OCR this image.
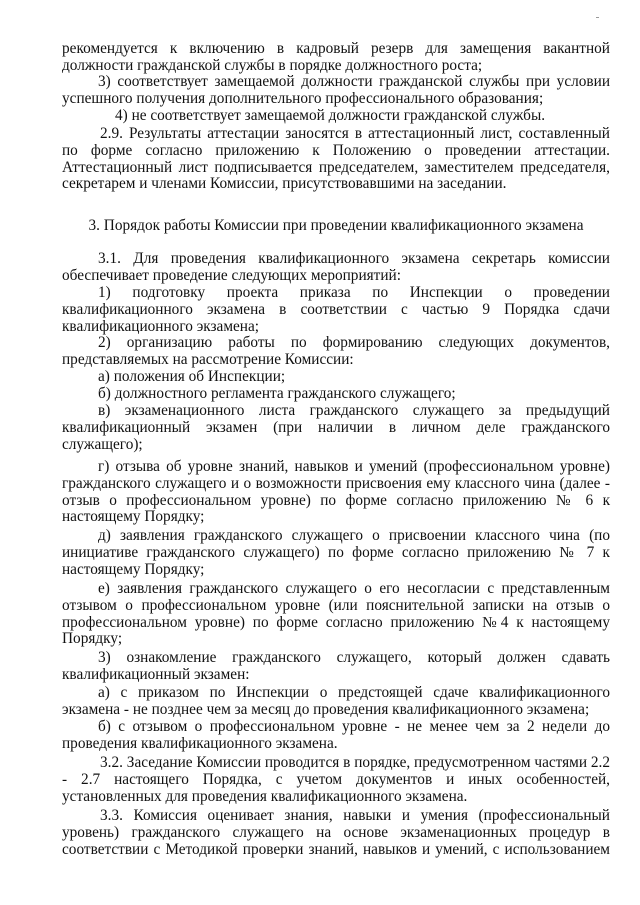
рекомендуется к включению в кадровый резерв для замещения вакантной должности гражданской службы в порядке должностного роста;

3) соответствует замещаемой должности гражданской службы при условии успешного получения дополнительного профессионального образования;

4) не соответствует замещаемой должности гражданской службы.

2.9. Результаты аттестации заносятся в аттестационный лист, составленный по форме согласно приложению к Положению о проведении аттестации. Аттестационный лист подписывается председателем, заместителем председателя, секретарем и членами Комиссии, присутствовавшими на заседании.

3. Порядок работы Комиссии при проведении квалификационного экзамена

3.1. Для проведения квалификационного экзамена секретарь комиссии обеспечивает проведение следующих мероприятий:

1) подготовку проекта приказа по Инспекции о проведении квалификационного экзамена в соответствии с частью 9 Порядка сдачи квалификационного экзамена;

2) организацию работы по формированию следующих документов, представляемых на рассмотрение Комиссии:

а) положения об Инспекции;

б) должностного регламента гражданского служащего;

в) экзаменационного листа гражданского служащего за предыдущий квалификационный экзамен (при наличии в личном деле гражданского служащего);

г) отзыва об уровне знаний, навыков и умений (профессиональном уровне) гражданского служащего и о возможности присвоения ему классного чина (далее - отзыв о профессиональном уровне) по форме согласно приложению № 6 к настоящему Порядку;

д) заявления гражданского служащего о присвоении классного чина (по инициативе гражданского служащего) по форме согласно приложению № 7 к настоящему Порядку;

е) заявления гражданского служащего о его несогласии с представленным отзывом о профессиональном уровне (или пояснительной записки на отзыв о профессиональном уровне) по форме согласно приложению №4 к настоящему Порядку;

3) ознакомление гражданского служащего, который должен сдавать квалификационный экзамен:

а) с приказом по Инспекции о предстоящей сдаче квалификационного экзамена - не позднее чем за месяц до проведения квалификационного экзамена;

б) с отзывом о профессиональном уровне - не менее чем за 2 недели до проведения квалификационного экзамена.

3.2. Заседание Комиссии проводится в порядке, предусмотренном частями 2.2 - 2.7 настоящего Порядка, с учетом документов и иных особенностей, установленных для проведения квалификационного экзамена.

3.3. Комиссия оценивает знания, навыки и умения (профессиональный уровень) гражданского служащего на основе экзаменационных процедур в соответствии с Методикой проверки знаний, навыков и умений, с использованием
